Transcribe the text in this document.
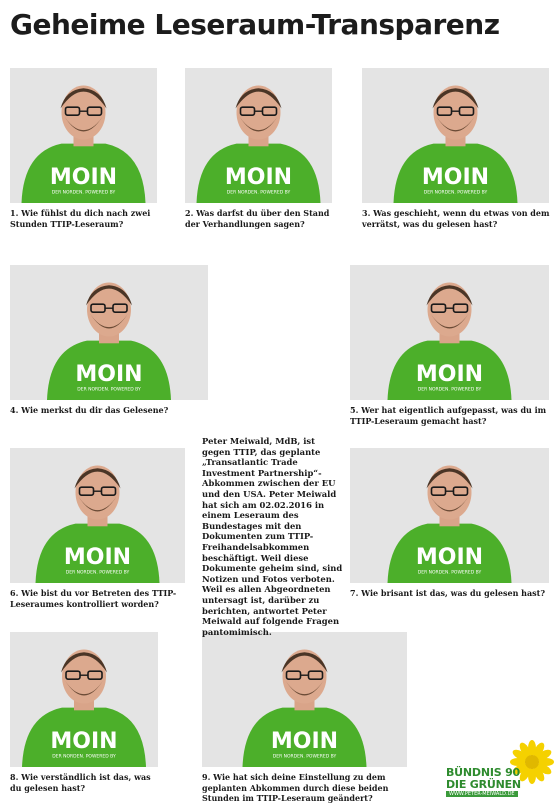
Geheime Leseraum-Transparenz
MOIN
DER NORDEN. POWERED BY
MOIN
DER NORDEN. POWERED BY
MOIN
DER NORDEN. POWERED BY
MOIN
DER NORDEN. POWERED BY
MOIN
DER NORDEN. POWERED BY
MOIN
DER NORDEN. POWERED BY
MOIN
DER NORDEN. POWERED BY
MOIN
DER NORDEN. POWERED BY
MOIN
DER NORDEN. POWERED BY
1. Wie fühlst du dich nach zwei Stunden TTIP-Leseraum?
2. Was darfst du über den Stand der Verhandlungen sagen?
3. Was geschieht, wenn du etwas von dem verrätst, was du gelesen hast?
4. Wie merkst du dir das Gelesene?	5. Wer hat eigentlich aufgepasst, was du im TTIP-Leseraum gemacht hast?
6. Wie bist du vor Betreten des TTIP-Leseraumes kontrolliert worden?
7. Wie brisant ist das, was du gelesen hast?
8. Wie verständlich ist das, was du gelesen hast?
9. Wie hat sich deine Einstellung zu dem geplanten Abkommen durch diese beiden Stunden im TTIP-Leseraum geändert?
Peter Meiwald, MdB, ist gegen TTIP, das geplante „Transatlantic Trade Investment Partnership“-Abkommen zwischen der EU und den USA. Peter Meiwald hat sich am 02.02.2016 in einem Leseraum des Bundestages mit den Dokumenten zum TTIP-Freihandelsabkommen beschäftigt. Weil diese Dokumente geheim sind, sind Notizen und Fotos verboten. Weil es allen Abgeordneten untersagt ist, darüber zu berichten, antwortet Peter Meiwald auf folgende Fragen pantomimisch.
BÜNDNIS 90
DIE GRÜNEN
WWW.PETER-MEIWALD.DE
